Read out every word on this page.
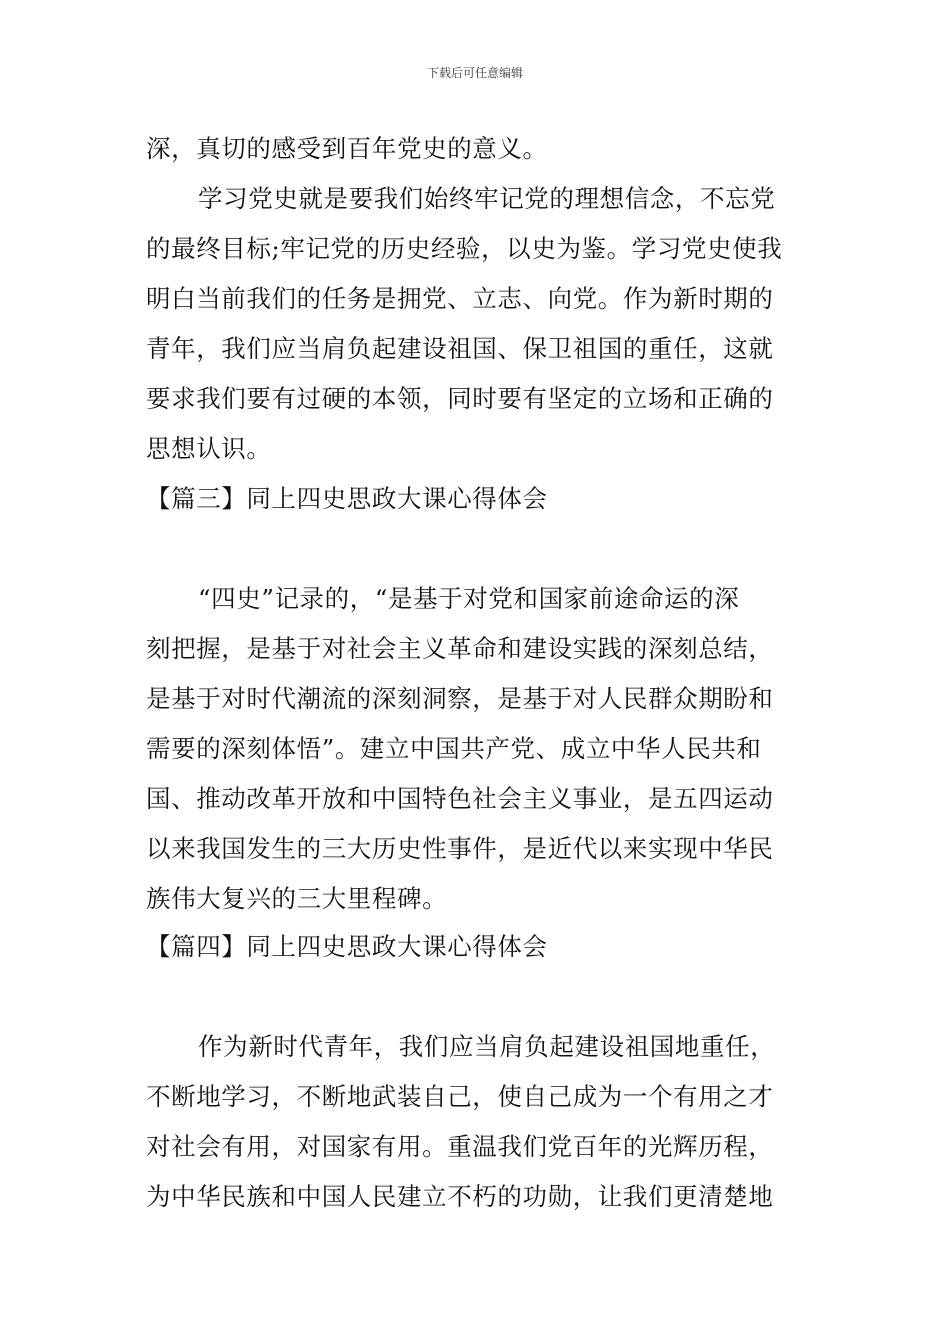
下载后可任意编辑
深，真切的感受到百年党史的意义。
学习党史就是要我们始终牢记党的理想信念，不忘党
的最终目标;牢记党的历史经验，以史为鉴。学习党史使我
明白当前我们的任务是拥党、立志、向党。作为新时期的
青年，我们应当肩负起建设祖国、保卫祖国的重任，这就
要求我们要有过硬的本领，同时要有坚定的立场和正确的
思想认识。
【篇三】同上四史思政大课心得体会
“四史”记录的，“是基于对党和国家前途命运的深
刻把握，是基于对社会主义革命和建设实践的深刻总结，
是基于对时代潮流的深刻洞察，是基于对人民群众期盼和
需要的深刻体悟”。建立中国共产党、成立中华人民共和
国、推动改革开放和中国特色社会主义事业，是五四运动
以来我国发生的三大历史性事件，是近代以来实现中华民
族伟大复兴的三大里程碑。
【篇四】同上四史思政大课心得体会
作为新时代青年，我们应当肩负起建设祖国地重任，
不断地学习，不断地武装自己，使自己成为一个有用之才
对社会有用，对国家有用。重温我们党百年的光辉历程，
为中华民族和中国人民建立不朽的功勋，让我们更清楚地
